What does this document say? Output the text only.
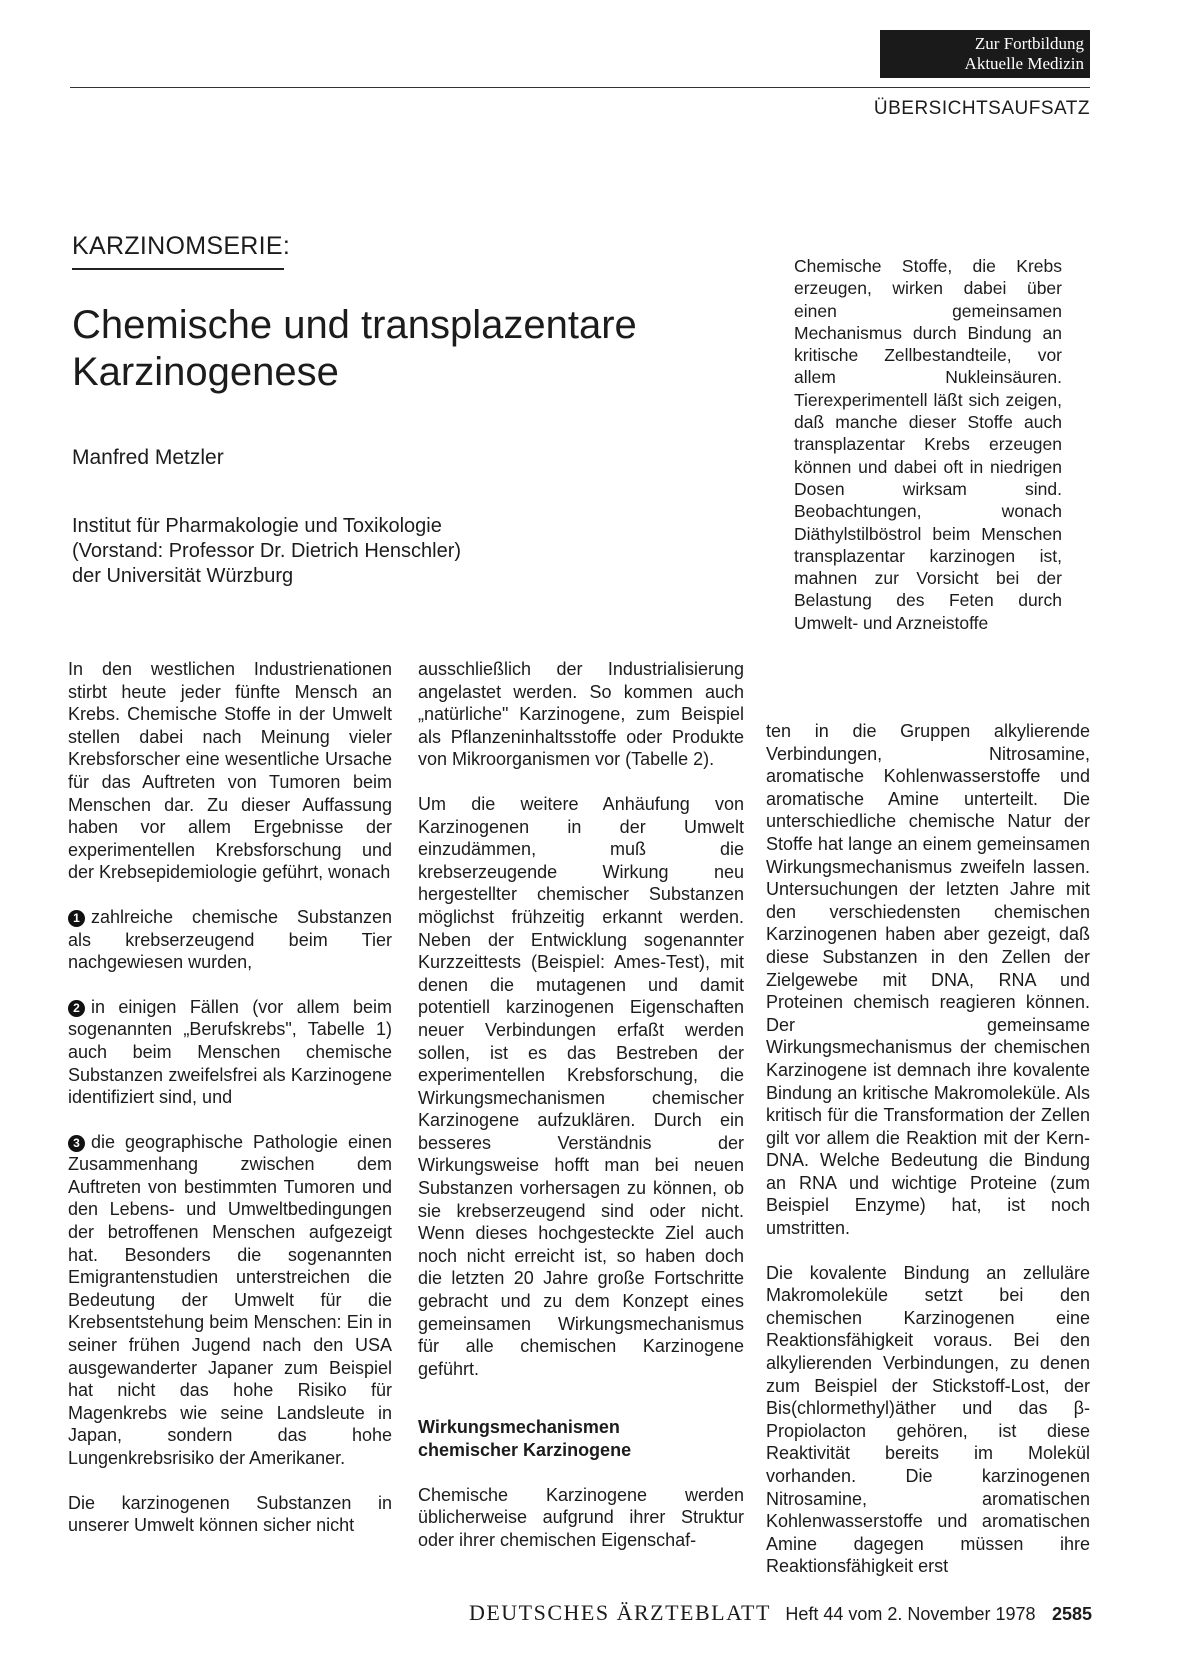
Zur Fortbildung
Aktuelle Medizin
ÜBERSICHTSAUFSATZ
KARZINOMSERIE:
Chemische und transplazentare
Karzinogenese
Manfred Metzler
Institut für Pharmakologie und Toxikologie
(Vorstand: Professor Dr. Dietrich Henschler)
der Universität Würzburg
Chemische Stoffe, die Krebs erzeugen, wirken dabei über einen gemeinsamen Mechanismus durch Bindung an kritische Zellbestandteile, vor allem Nukleinsäuren. Tierexperimentell läßt sich zeigen, daß manche dieser Stoffe auch transplazentar Krebs erzeugen können und dabei oft in niedrigen Dosen wirksam sind. Beobachtungen, wonach Diäthylstilböstrol beim Menschen transplazentar karzinogen ist, mahnen zur Vorsicht bei der Belastung des Feten durch Umwelt- und Arzneistoffe

In den westlichen Industrienationen stirbt heute jeder fünfte Mensch an Krebs. Chemische Stoffe in der Umwelt stellen dabei nach Meinung vieler Krebsforscher eine wesentliche Ursache für das Auftreten von Tumoren beim Menschen dar. Zu dieser Auffassung haben vor allem Ergebnisse der experimentellen Krebsforschung und der Krebsepidemiologie geführt, wonach

1 zahlreiche chemische Substanzen als krebserzeugend beim Tier nachgewiesen wurden,

2 in einigen Fällen (vor allem beim sogenannten „Berufskrebs", Tabelle 1) auch beim Menschen chemische Substanzen zweifelsfrei als Karzinogene identifiziert sind, und

3 die geographische Pathologie einen Zusammenhang zwischen dem Auftreten von bestimmten Tumoren und den Lebens- und Umweltbedingungen der betroffenen Menschen aufgezeigt hat. Besonders die sogenannten Emigrantenstudien unterstreichen die Bedeutung der Umwelt für die Krebsentstehung beim Menschen: Ein in seiner frühen Jugend nach den USA ausgewanderter Japaner zum Beispiel hat nicht das hohe Risiko für Magenkrebs wie seine Landsleute in Japan, sondern das hohe Lungenkrebsrisiko der Amerikaner.

Die karzinogenen Substanzen in unserer Umwelt können sicher nicht

ausschließlich der Industrialisierung angelastet werden. So kommen auch „natürliche" Karzinogene, zum Beispiel als Pflanzeninhaltsstoffe oder Produkte von Mikroorganismen vor (Tabelle 2).

Um die weitere Anhäufung von Karzinogenen in der Umwelt einzudämmen, muß die krebserzeugende Wirkung neu hergestellter chemischer Substanzen möglichst frühzeitig erkannt werden. Neben der Entwicklung sogenannter Kurzzeittests (Beispiel: Ames-Test), mit denen die mutagenen und damit potentiell karzinogenen Eigenschaften neuer Verbindungen erfaßt werden sollen, ist es das Bestreben der experimentellen Krebsforschung, die Wirkungsmechanismen chemischer Karzinogene aufzuklären. Durch ein besseres Verständnis der Wirkungsweise hofft man bei neuen Substanzen vorhersagen zu können, ob sie krebserzeugend sind oder nicht. Wenn dieses hochgesteckte Ziel auch noch nicht erreicht ist, so haben doch die letzten 20 Jahre große Fortschritte gebracht und zu dem Konzept eines gemeinsamen Wirkungsmechanismus für alle chemischen Karzinogene geführt.

Wirkungsmechanismen
chemischer Karzinogene

Chemische Karzinogene werden üblicherweise aufgrund ihrer Struktur oder ihrer chemischen Eigenschaf-

ten in die Gruppen alkylierende Verbindungen, Nitrosamine, aromatische Kohlenwasserstoffe und aromatische Amine unterteilt. Die unterschiedliche chemische Natur der Stoffe hat lange an einem gemeinsamen Wirkungsmechanismus zweifeln lassen. Untersuchungen der letzten Jahre mit den verschiedensten chemischen Karzinogenen haben aber gezeigt, daß diese Substanzen in den Zellen der Zielgewebe mit DNA, RNA und Proteinen chemisch reagieren können. Der gemeinsame Wirkungsmechanismus der chemischen Karzinogene ist demnach ihre kovalente Bindung an kritische Makromoleküle. Als kritisch für die Transformation der Zellen gilt vor allem die Reaktion mit der Kern-DNA. Welche Bedeutung die Bindung an RNA und wichtige Proteine (zum Beispiel Enzyme) hat, ist noch umstritten.

Die kovalente Bindung an zelluläre Makromoleküle setzt bei den chemischen Karzinogenen eine Reaktionsfähigkeit voraus. Bei den alkylierenden Verbindungen, zu denen zum Beispiel der Stickstoff-Lost, der Bis(chlormethyl)äther und das β-Propiolacton gehören, ist diese Reaktivität bereits im Molekül vorhanden. Die karzinogenen Nitrosamine, aromatischen Kohlenwasserstoffe und aromatischen Amine dagegen müssen ihre Reaktionsfähigkeit erst

DEUTSCHES ÄRZTEBLATT Heft 44 vom 2. November 1978 2585
